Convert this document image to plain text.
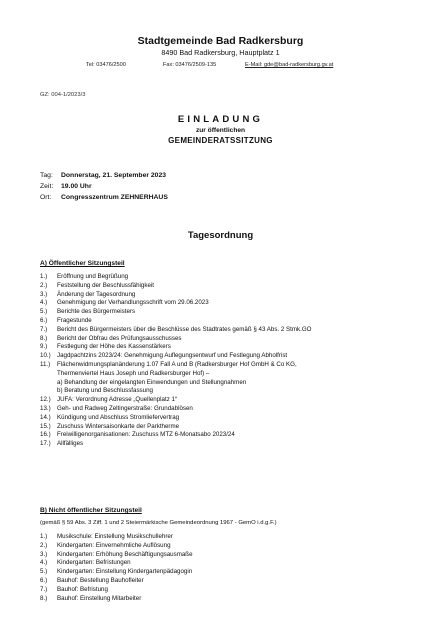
Stadtgemeinde Bad Radkersburg
8490 Bad Radkersburg, Hauptplatz 1
Tel: 03476/2500	Fax: 03476/2509-135	E-Mail: gde@bad-radkersburg.gv.at
GZ: 004-1/2023/3
EINLADUNG
zur öffentlichen
GEMEINDERATSSITZUNG
Tag: Donnerstag, 21. September 2023
Zeit: 19.00 Uhr
Ort: Congresszentrum ZEHNERHAUS
Tagesordnung
A) Öffentlicher Sitzungsteil
1.) Eröffnung und Begrüßung
2.) Feststellung der Beschlussfähigkeit
3.) Änderung der Tagesordnung
4.) Genehmigung der Verhandlungsschrift vom 29.06.2023
5.) Berichte des Bürgermeisters
6.) Fragestunde
7.) Bericht des Bürgermeisters über die Beschlüsse des Stadtrates gemäß § 43 Abs. 2 Stmk.GO
8.) Bericht der Obfrau des Prüfungsausschusses
9.) Festlegung der Höhe des Kassenstärkers
10.) Jagdpachtzins 2023/24: Genehmigung Auflegungsentwurf und Festlegung Abholfrist
11.) Flächenwidmungsplanänderung 1.07 Fall A und B (Radkersburger Hof GmbH & Co KG,
Thermenviertel Haus Joseph und Radkersburger Hof) –
a) Behandlung der eingelangten Einwendungen und Stellungnahmen
b) Beratung und Beschlussfassung
12.) JUFA: Verordnung Adresse „Quellenplatz 1“
13.) Geh- und Radweg Zeltingerstraße: Grundablösen
14.) Kündigung und Abschluss Stromliefervertrag
15.) Zuschuss Wintersaisonkarte der Parktherme
16.) Freiwilligenorganisationen: Zuschuss MTZ 6-Monatsabo 2023/24
17.) Allfälliges
B) Nicht öffentlicher Sitzungsteil
(gemäß § 59 Abs. 3 Ziff. 1 und 2 Steiermärkische Gemeindeordnung 1967 - GemO i.d.g.F.)
1.) Musikschule: Einstellung Musikschullehrer
2.) Kindergarten: Einvernehmliche Auflösung
3.) Kindergarten: Erhöhung Beschäftigungsausmaße
4.) Kindergarten: Befristungen
5.) Kindergarten: Einstellung Kindergartenpädagogin
6.) Bauhof: Bestellung Bauhofleiter
7.) Bauhof: Befristung
8.) Bauhof: Einstellung Mitarbeiter
